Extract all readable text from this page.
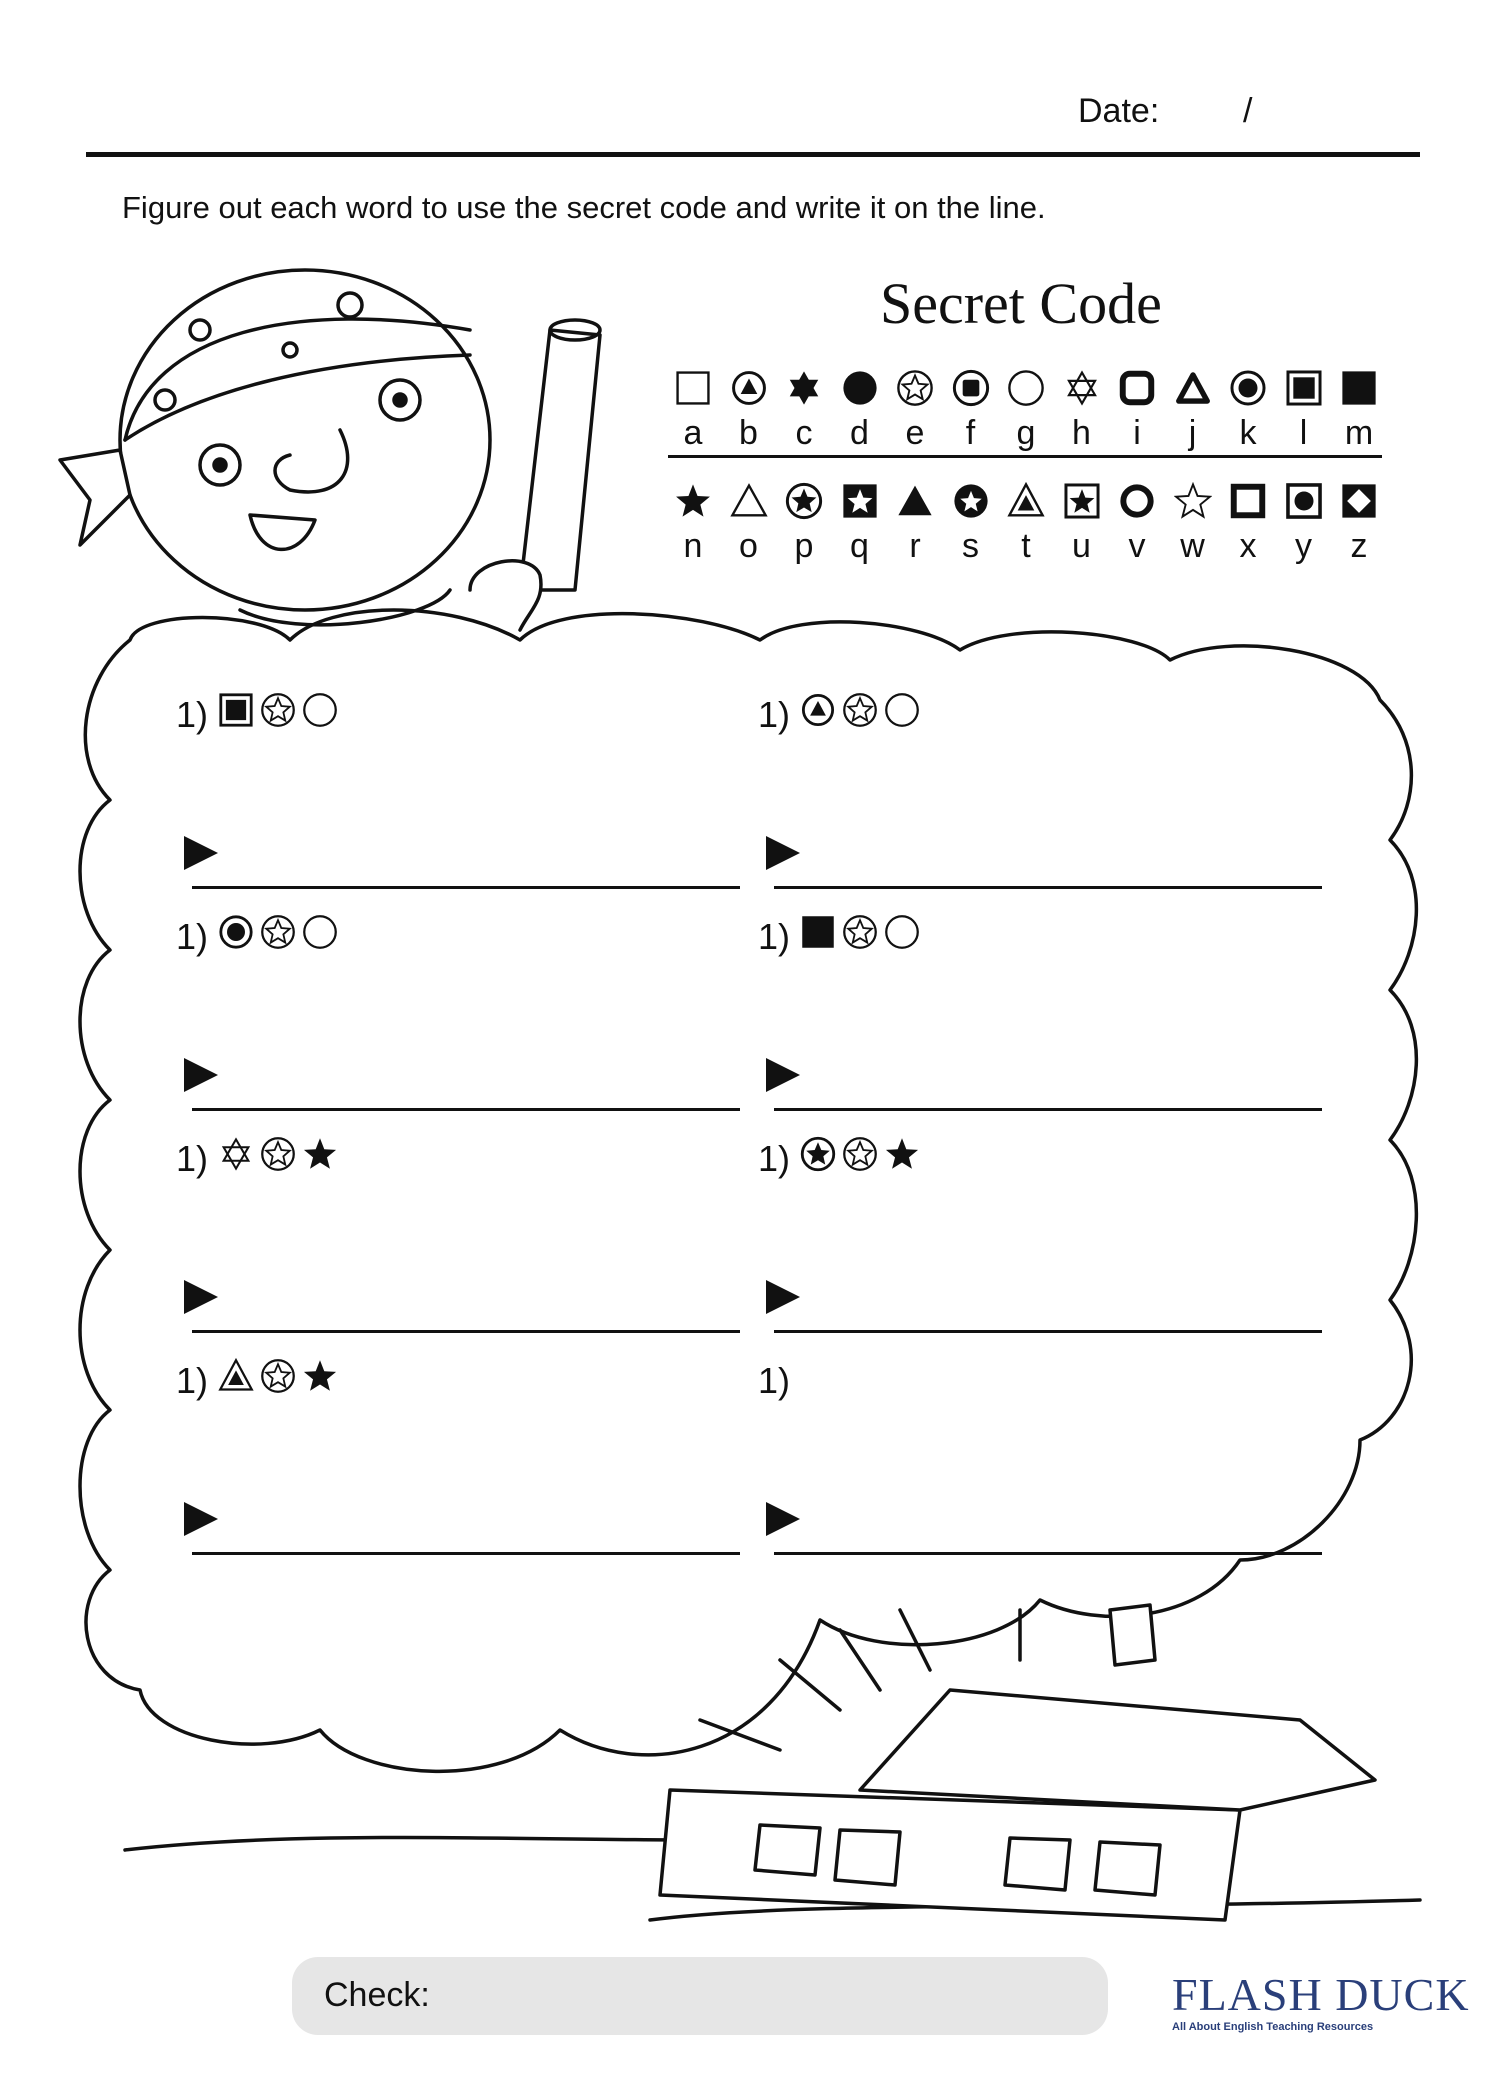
Date: /
Figure out each word to use the secret code and write it on the line.
Secret Code
a	b	c	d	e	f	g	h	i	j	k	l	m
n	o	p	q	r	s	t	u	v	w	x	y	z
1)	1)
1)	1)
1)	1)
1)	1)
Check:	FLASH DUCK
All About English Teaching Resources
